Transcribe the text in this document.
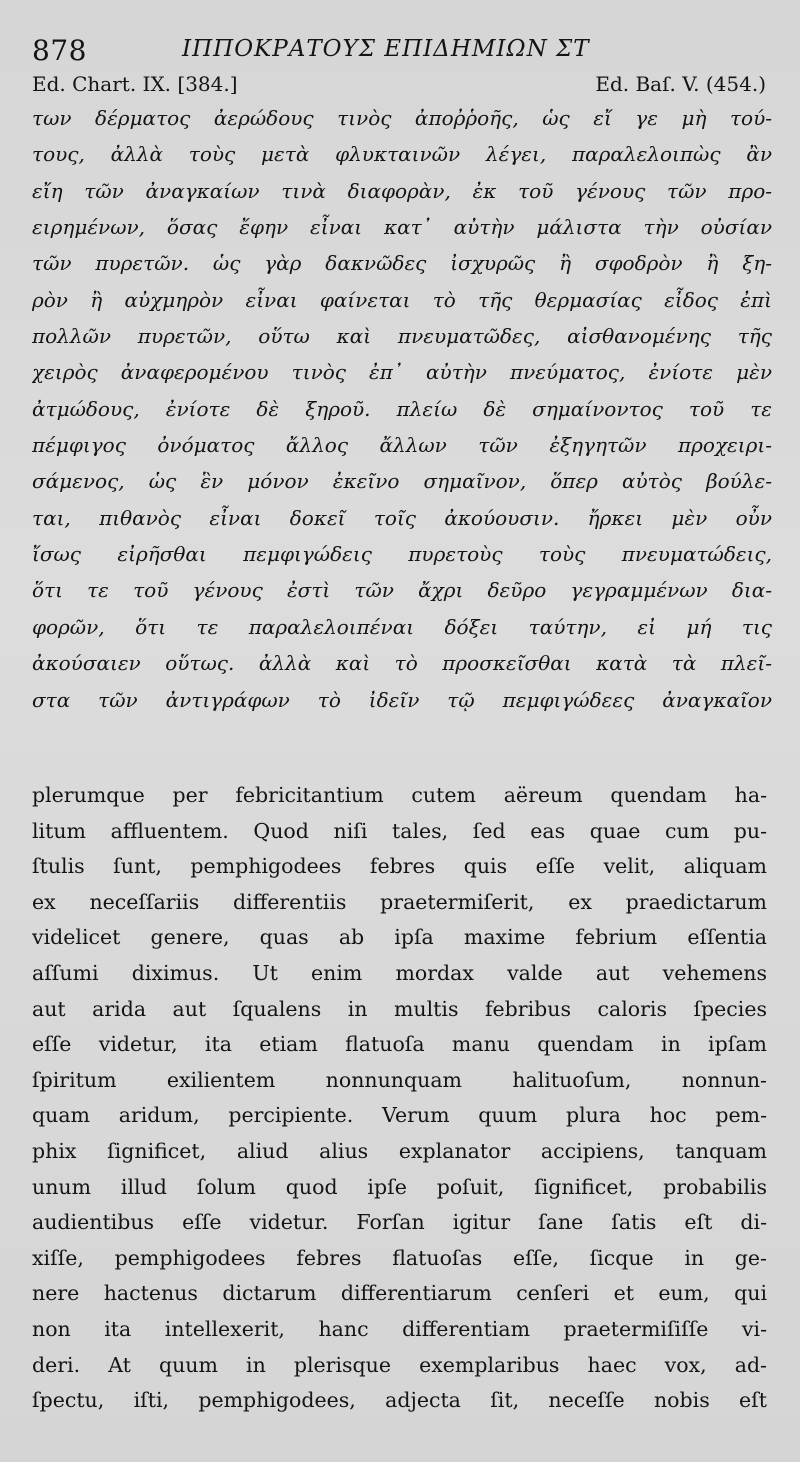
878	ΙΠΠΟΚΡΑΤΟΥΣ ΕΠΙΔΗΜΙΩΝ ΣΤ
Ed. Chart. IX. [384.]	Ed. Baſ. V. (454.)
των δέρματος ἀερώδους τινὸς ἀποῤῥοῆς, ὡς εἴ γε μὴ τού-
τους, ἀλλὰ τοὺς μετὰ φλυκταινῶν λέγει, παραλελοιπὼς ἂν
εἴη τῶν ἀναγκαίων τινὰ διαφορὰν, ἐκ τοῦ γένους τῶν προ-
ειρημένων, ὅσας ἔφην εἶναι κατ᾽ αὐτὴν μάλιστα τὴν οὐσίαν
τῶν πυρετῶν. ὡς γὰρ δακνῶδες ἰσχυρῶς ἢ σφοδρὸν ἢ ξη-
ρὸν ἢ αὐχμηρὸν εἶναι φαίνεται τὸ τῆς θερμασίας εἶδος ἐπὶ
πολλῶν πυρετῶν, οὕτω καὶ πνευματῶδες, αἰσθανομένης τῆς
χειρὸς ἀναφερομένου τινὸς ἐπ᾽ αὐτὴν πνεύματος, ἐνίοτε μὲν
ἀτμώδους, ἐνίοτε δὲ ξηροῦ. πλείω δὲ σημαίνοντος τοῦ τε
πέμφιγος ὀνόματος ἄλλος ἄλλων τῶν ἐξηγητῶν προχειρι-
σάμενος, ὡς ἓν μόνον ἐκεῖνο σημαῖνον, ὅπερ αὐτὸς βούλε-
ται, πιθανὸς εἶναι δοκεῖ τοῖς ἀκούουσιν. ἤρκει μὲν οὖν
ἴσως εἰρῆσθαι πεμφιγώδεις πυρετοὺς τοὺς πνευματώδεις,
ὅτι τε τοῦ γένους ἐστὶ τῶν ἄχρι δεῦρο γεγραμμένων δια-
φορῶν, ὅτι τε παραλελοιπέναι δόξει ταύτην, εἰ μή τις
ἀκούσαιεν οὕτως. ἀλλὰ καὶ τὸ προσκεῖσθαι κατὰ τὰ πλεῖ-
στα τῶν ἀντιγράφων τὸ ἰδεῖν τῷ πεμφιγώδεες ἀναγκαῖον
plerumque per febricitantium cutem aëreum quendam ha-
litum affluentem. Quod niſi tales, ſed eas quae cum pu-
ſtulis ſunt, pemphigodees febres quis eſſe velit, aliquam
ex neceſſariis differentiis praetermiſerit, ex praedictarum
videlicet genere, quas ab ipſa maxime febrium eſſentia
aſſumi diximus. Ut enim mordax valde aut vehemens
aut arida aut ſqualens in multis febribus caloris ſpecies
eſſe videtur, ita etiam flatuoſa manu quendam in ipſam
ſpiritum exilientem nonnunquam halituoſum, nonnun-
quam aridum, percipiente. Verum quum plura hoc pem-
phix ſignificet, aliud alius explanator accipiens, tanquam
unum illud ſolum quod ipſe poſuit, ſignificet, probabilis
audientibus eſſe videtur. Forſan igitur ſane ſatis eſt di-
xiſſe, pemphigodees febres flatuoſas eſſe, ſicque in ge-
nere hactenus dictarum differentiarum cenſeri et eum, qui
non ita intellexerit, hanc differentiam praetermiſiſſe vi-
deri. At quum in plerisque exemplaribus haec vox, ad-
ſpectu, iſti, pemphigodees, adjecta ſit, neceſſe nobis eſt
